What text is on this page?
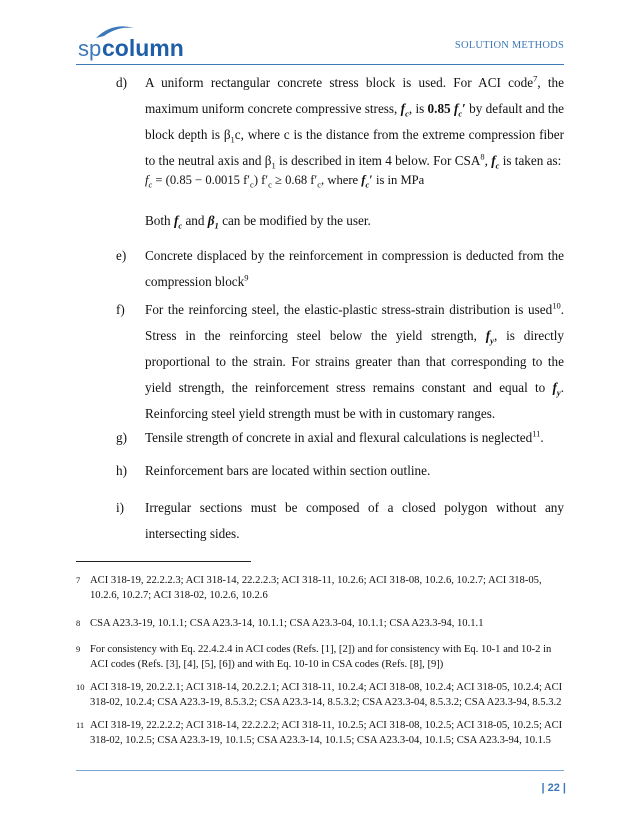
sp column	SOLUTION METHODS
d) A uniform rectangular concrete stress block is used. For ACI code$^7$, the maximum uniform concrete compressive stress, $f_c$, is 0.85 $f_c'$ by default and the block depth is $\beta_1c$, where c is the distance from the extreme compression fiber to the neutral axis and $\beta_1$ is described in item 4 below. For CSA$^8$, $f_c$ is taken as:
$f_c = (0.85 - 0.0015$ $f'_c$) $f'_c \ge 0.68$ $f'_c$, where $f_c'$ is in MPa
Both $f_c$ and $\beta_1$ can be modified by the user.
e) Concrete displaced by the reinforcement in compression is deducted from the compression block$^9$
f) For the reinforcing steel, the elastic-plastic stress-strain distribution is used$^{10}$. Stress in the reinforcing steel below the yield strength, $f_y$, is directly proportional to the strain. For strains greater than that corresponding to the yield strength, the reinforcement stress remains constant and equal to $f_y$. Reinforcing steel yield strength must be with in customary ranges.
g) Tensile strength of concrete in axial and flexural calculations is neglected$^{11}$.
h) Reinforcement bars are located within section outline.
i) Irregular sections must be composed of a closed polygon without any intersecting sides.
7 ACI 318-19, 22.2.2.3; ACI 318-14, 22.2.2.3; ACI 318-11, 10.2.6; ACI 318-08, 10.2.6, 10.2.7; ACI 318-05, 10.2.6, 10.2.7; ACI 318-02, 10.2.6, 10.2.6
8 CSA A23.3-19, 10.1.1; CSA A23.3-14, 10.1.1; CSA A23.3-04, 10.1.1; CSA A23.3-94, 10.1.1
9 For consistency with Eq. 22.4.2.4 in ACI codes (Refs. [1], [2]) and for consistency with Eq. 10-1 and 10-2 in ACI codes (Refs. [3], [4], [5], [6]) and with Eq. 10-10 in CSA codes (Refs. [8], [9])
10 ACI 318-19, 20.2.2.1; ACI 318-14, 20.2.2.1; ACI 318-11, 10.2.4; ACI 318-08, 10.2.4; ACI 318-05, 10.2.4; ACI 318-02, 10.2.4; CSA A23.3-19, 8.5.3.2; CSA A23.3-14, 8.5.3.2; CSA A23.3-04, 8.5.3.2; CSA A23.3-94, 8.5.3.2
11 ACI 318-19, 22.2.2.2; ACI 318-14, 22.2.2.2; ACI 318-11, 10.2.5; ACI 318-08, 10.2.5; ACI 318-05, 10.2.5; ACI 318-02, 10.2.5; CSA A23.3-19, 10.1.5; CSA A23.3-14, 10.1.5; CSA A23.3-04, 10.1.5; CSA A23.3-94, 10.1.5
| 22 |
